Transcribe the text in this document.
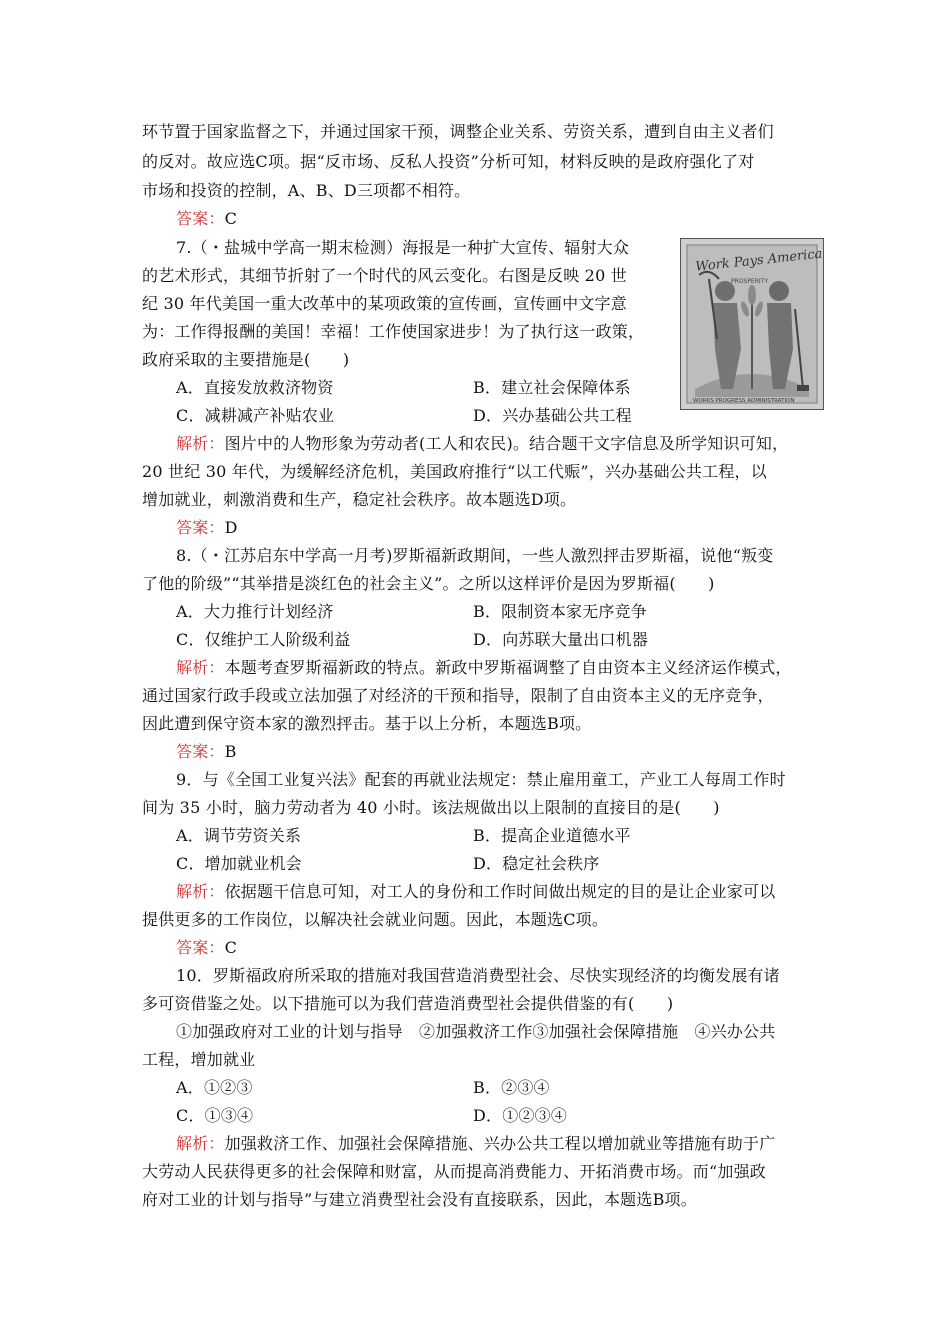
环节置于国家监督之下，并通过国家干预，调整企业关系、劳资关系，遭到自由主义者们
的反对。故应选C项。据“反市场、反私人投资”分析可知，材料反映的是政府强化了对
市场和投资的控制，A、B、D三项都不相符。
答案：C
7.（・盐城中学高一期末检测）海报是一种扩大宣传、辐射大众
的艺术形式，其细节折射了一个时代的风云变化。右图是反映 20 世
纪 30 年代美国一重大改革中的某项政策的宣传画，宣传画中文字意
为：工作得报酬的美国！幸福！工作使国家进步！为了执行这一政策，
政府采取的主要措施是(　　)
A．直接发放救济物资	B．建立社会保障体系
C．减耕减产补贴农业	D．兴办基础公共工程
Work Pays America !
PROSPERITY
WORKS PROGRESS ADMINISTRATION
解析：图片中的人物形象为劳动者(工人和农民)。结合题干文字信息及所学知识可知，
20 世纪 30 年代，为缓解经济危机，美国政府推行“以工代赈”，兴办基础公共工程，以
增加就业，刺激消费和生产，稳定社会秩序。故本题选D项。
答案：D
8.（・江苏启东中学高一月考)罗斯福新政期间，一些人激烈抨击罗斯福，说他“叛变
了他的阶级”“其举措是淡红色的社会主义”。之所以这样评价是因为罗斯福(　　)
A．大力推行计划经济	B．限制资本家无序竞争
C．仅维护工人阶级利益	D．向苏联大量出口机器
解析：本题考查罗斯福新政的特点。新政中罗斯福调整了自由资本主义经济运作模式，
通过国家行政手段或立法加强了对经济的干预和指导，限制了自由资本主义的无序竞争，
因此遭到保守资本家的激烈抨击。基于以上分析，本题选B项。
答案：B
9．与《全国工业复兴法》配套的再就业法规定：禁止雇用童工，产业工人每周工作时
间为 35 小时，脑力劳动者为 40 小时。该法规做出以上限制的直接目的是(　　)
A．调节劳资关系	B．提高企业道德水平
C．增加就业机会	D．稳定社会秩序
解析：依据题干信息可知，对工人的身份和工作时间做出规定的目的是让企业家可以
提供更多的工作岗位，以解决社会就业问题。因此，本题选C项。
答案：C
10．罗斯福政府所采取的措施对我国营造消费型社会、尽快实现经济的均衡发展有诸
多可资借鉴之处。以下措施可以为我们营造消费型社会提供借鉴的有(　　)
①加强政府对工业的计划与指导　②加强救济工作③加强社会保障措施　④兴办公共
工程，增加就业
A．①②③	B．②③④
C．①③④	D．①②③④
解析：加强救济工作、加强社会保障措施、兴办公共工程以增加就业等措施有助于广
大劳动人民获得更多的社会保障和财富，从而提高消费能力、开拓消费市场。而“加强政
府对工业的计划与指导”与建立消费型社会没有直接联系，因此，本题选B项。
